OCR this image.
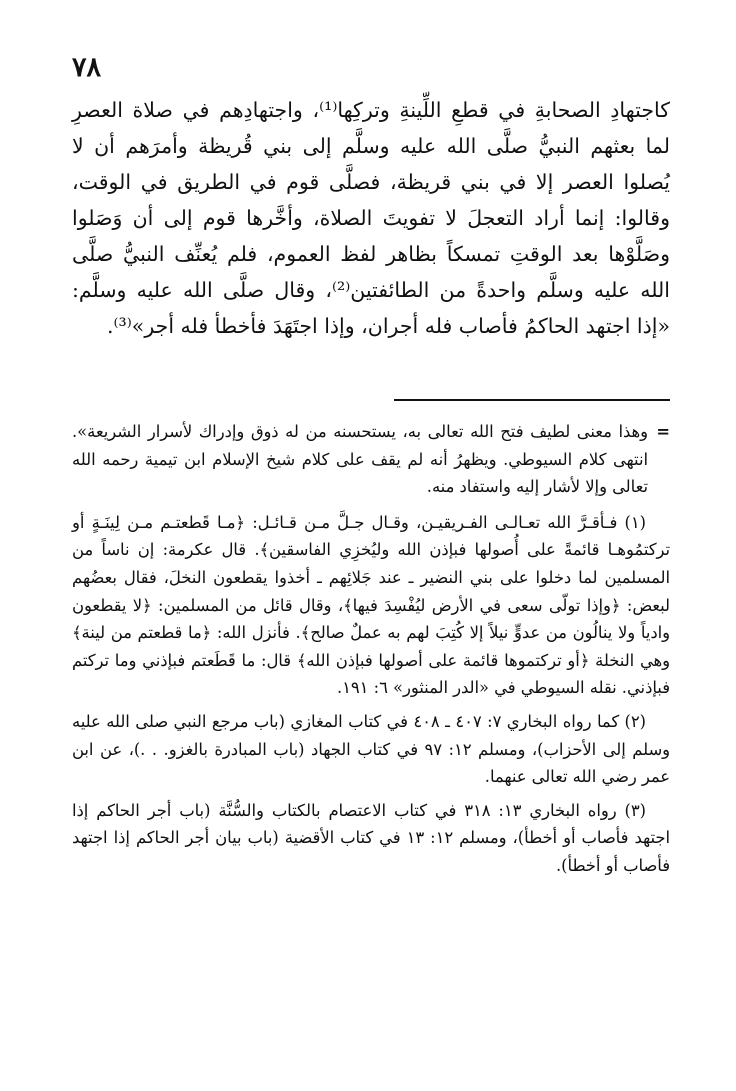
٧٨

كاجتهادِ الصحابةِ في قطعِ اللِّينةِ وتركِها⁽¹⁾، واجتهادِهم في صلاة العصرِ لما بعثهم النبيُّ صلَّى الله عليه وسلَّم إلى بني قُريظة وأمرَهم أن لا يُصلوا العصر إلا في بني قريظة، فصلَّى قوم في الطريق في الوقت، وقالوا: إنما أراد التعجلَ لا تفويتَ الصلاة، وأخَّرها قوم إلى أن وَصَلوا وصَلَّوْها بعد الوقتِ تمسكاً بظاهر لفظ العموم، فلم يُعنِّف النبيُّ صلَّى الله عليه وسلَّم واحدةً من الطائفتين⁽²⁾، وقال صلَّى الله عليه وسلَّم: «إذا اجتهد الحاكمُ فأصاب فله أجران، وإذا اجتَهَدَ فأخطأ فله أجر»⁽³⁾.

=
وهذا معنى لطيف فتح الله تعالى به، يستحسنه من له ذوق وإدراك لأسرار الشريعة». انتهى كلام السيوطي. ويظهرُ أنه لم يقف على كلام شيخ الإسلام ابن تيمية رحمه الله تعالى وإلا لأشار إليه واستفاد منه.

(١) فـأقـرَّ الله تعـالـى الفـريقيـن، وقـال جـلَّ مـن قـائـل: ﴿مـا قَطعتـم مـن لِينَـةٍ أو تركتمُوهـا قائمةً على أُصولها فبإذن الله وليُخزِي الفاسقين﴾. قال عكرمة: إن ناساً من المسلمين لما دخلوا على بني النضير ـ عند جَلائِهم ـ أخذوا يقطعون النخلَ، فقال بعضُهم لبعض: ﴿وإذا تولّى سعى في الأرض ليُفْسِدَ فيها﴾، وقال قائل من المسلمين: ﴿لا يقطعون وادياً ولا ينالُون من عدوٍّ نيلاً إلا كُتِبَ لهم به عملٌ صالح﴾. فأنزل الله: ﴿ما قطعتم من لينة﴾ وهي النخلة ﴿أو تركتموها قائمة على أصولها فبإذن الله﴾ قال: ما قَطَعتم فبإذني وما تركتم فبإذني. نقله السيوطي في «الدر المنثور» ٦: ١٩١.

(٢) كما رواه البخاري ٧: ٤٠٧ ـ ٤٠٨ في كتاب المغازي (باب مرجع النبي صلى الله عليه وسلم إلى الأحزاب)، ومسلم ١٢: ٩٧ في كتاب الجهاد (باب المبادرة بالغزو. . .)، عن ابن عمر رضي الله تعالى عنهما.

(٣) رواه البخاري ١٣: ٣١٨ في كتاب الاعتصام بالكتاب والسُّنَّة (باب أجر الحاكم إذا اجتهد فأصاب أو أخطأ)، ومسلم ١٢: ١٣ في كتاب الأقضية (باب بيان أجر الحاكم إذا اجتهد فأصاب أو أخطأ).
